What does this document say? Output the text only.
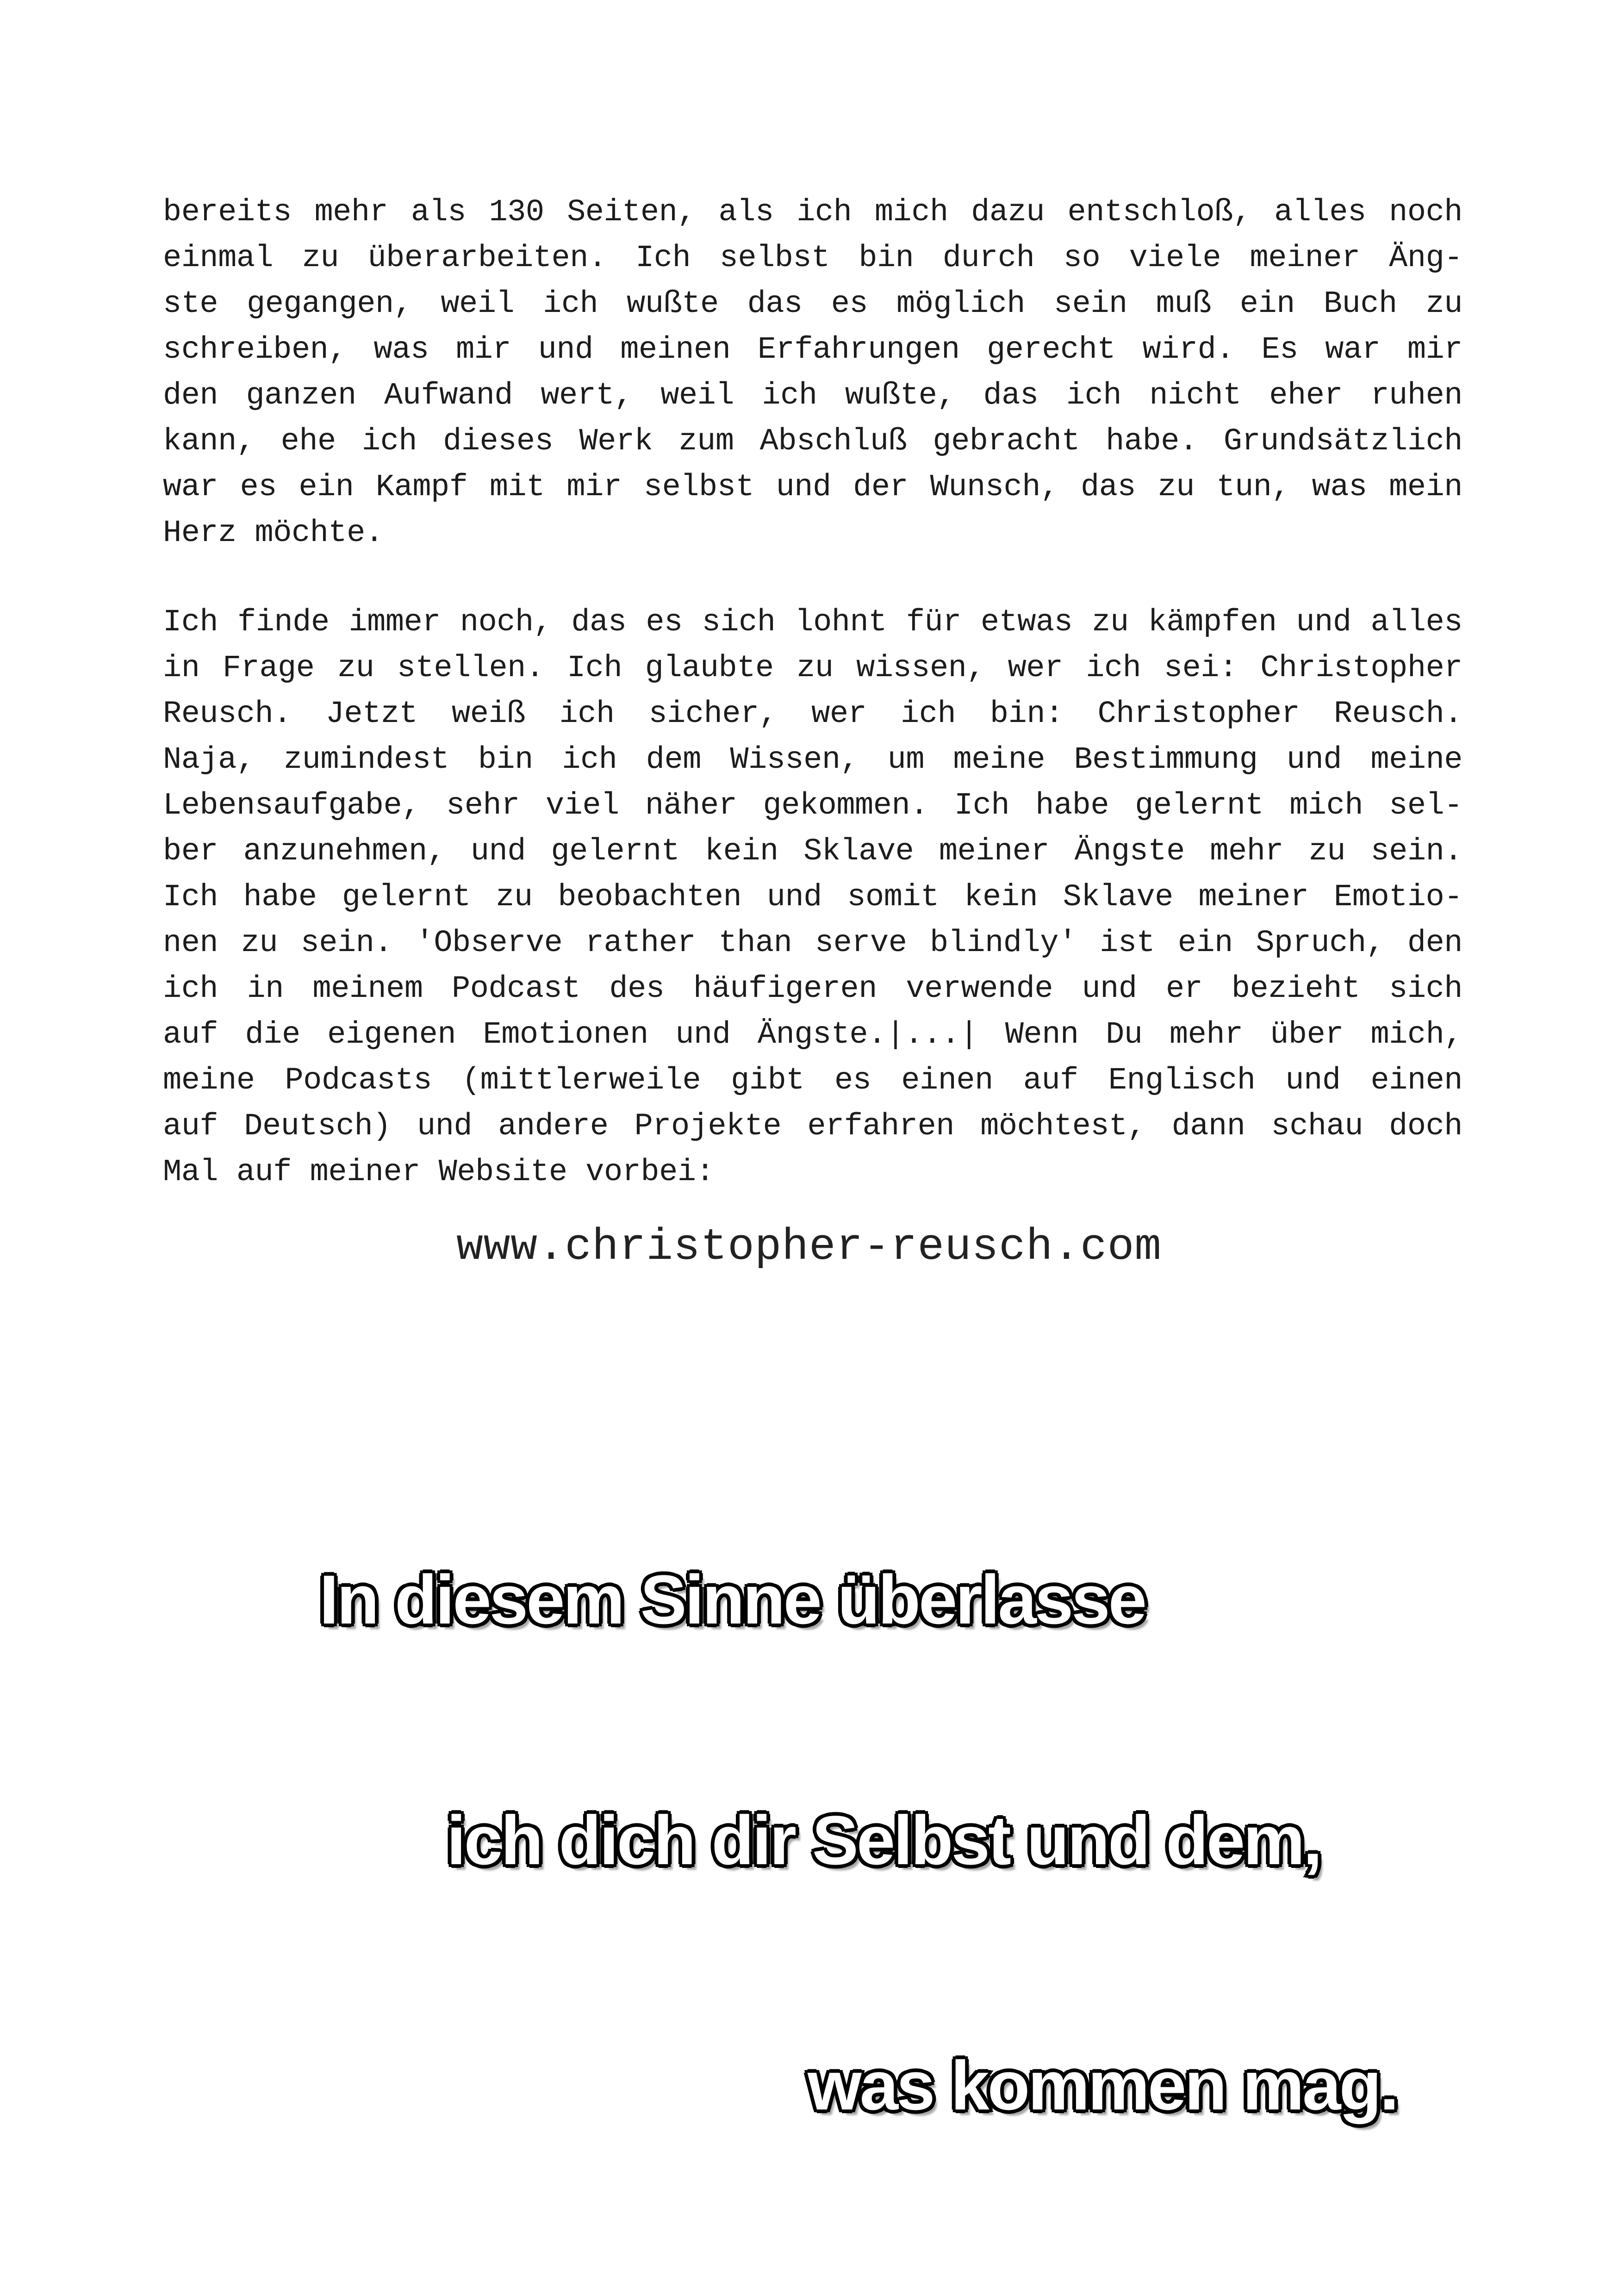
bereits mehr als 130 Seiten, als ich mich dazu entschloß, alles noch
einmal zu überarbeiten. Ich selbst bin durch so viele meiner Äng-
ste gegangen, weil ich wußte das es möglich sein muß ein Buch zu
schreiben, was mir und meinen Erfahrungen gerecht wird. Es war mir
den ganzen Aufwand wert, weil ich wußte, das ich nicht eher ruhen
kann, ehe ich dieses Werk zum Abschluß gebracht habe. Grundsätzlich
war es ein Kampf mit mir selbst und der Wunsch, das zu tun, was mein
Herz möchte.
Ich finde immer noch, das es sich lohnt für etwas zu kämpfen und alles
in Frage zu stellen. Ich glaubte zu wissen, wer ich sei: Christopher
Reusch. Jetzt weiß ich sicher, wer ich bin: Christopher Reusch.
Naja, zumindest bin ich dem Wissen, um meine Bestimmung und meine
Lebensaufgabe, sehr viel näher gekommen. Ich habe gelernt mich sel-
ber anzunehmen, und gelernt kein Sklave meiner Ängste mehr zu sein.
Ich habe gelernt zu beobachten und somit kein Sklave meiner Emotio-
nen zu sein. 'Observe rather than serve blindly' ist ein Spruch, den
ich in meinem Podcast des häufigeren verwende und er bezieht sich
auf die eigenen Emotionen und Ängste.|...| Wenn Du mehr über mich,
meine Podcasts (mittlerweile gibt es einen auf Englisch und einen
auf Deutsch) und andere Projekte erfahren möchtest, dann schau doch
Mal auf meiner Website vorbei:
www.christopher-reusch.com
In diesem Sinne überlasse
ich dich dir Selbst und dem,
was kommen mag.
